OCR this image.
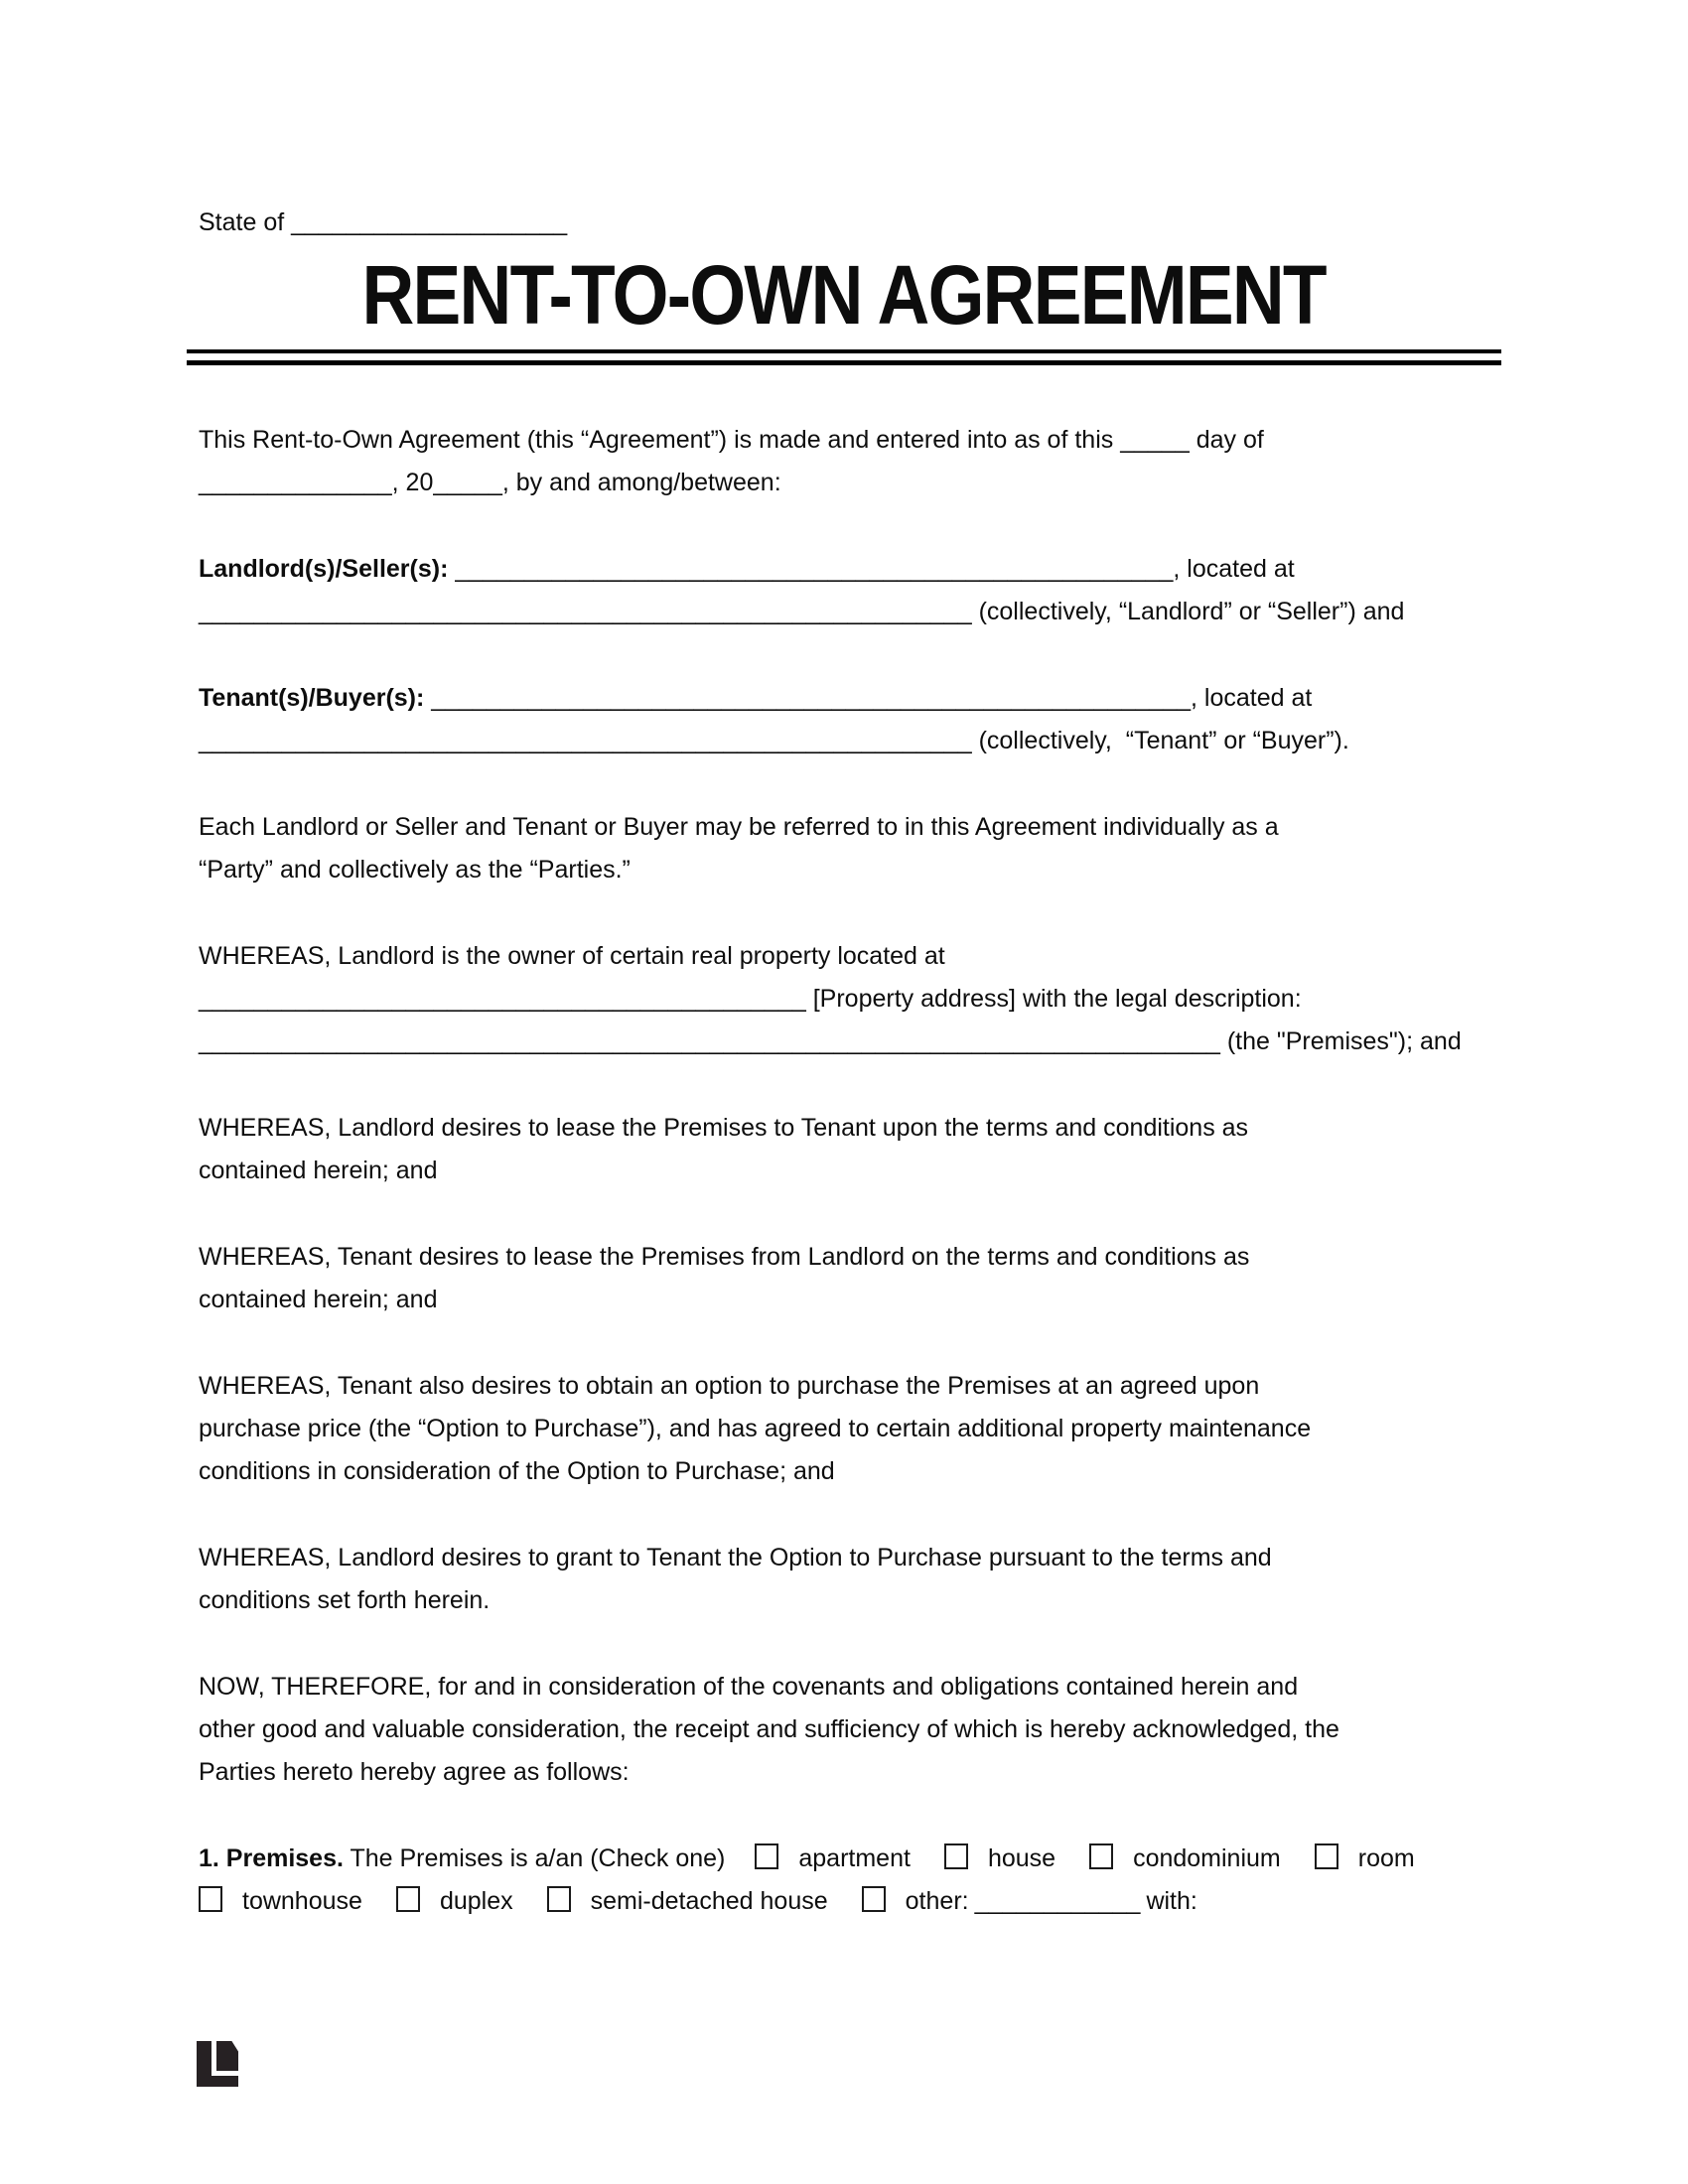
State of ____________________
RENT-TO-OWN AGREEMENT

This Rent-to-Own Agreement (this “Agreement”) is made and entered into as of this _____ day of
______________, 20_____, by and among/between:

Landlord(s)/Seller(s): ____________________________________________________, located at
________________________________________________________ (collectively, “Landlord” or “Seller”) and

Tenant(s)/Buyer(s): _______________________________________________________, located at
________________________________________________________ (collectively,  “Tenant” or “Buyer”).

Each Landlord or Seller and Tenant or Buyer may be referred to in this Agreement individually as a
“Party” and collectively as the “Parties.”

WHEREAS, Landlord is the owner of certain real property located at
____________________________________________ [Property address] with the legal description:
__________________________________________________________________________ (the "Premises"); and

WHEREAS, Landlord desires to lease the Premises to Tenant upon the terms and conditions as
contained herein; and

WHEREAS, Tenant desires to lease the Premises from Landlord on the terms and conditions as
contained herein; and

WHEREAS, Tenant also desires to obtain an option to purchase the Premises at an agreed upon
purchase price (the “Option to Purchase”), and has agreed to certain additional property maintenance
conditions in consideration of the Option to Purchase; and

WHEREAS, Landlord desires to grant to Tenant the Option to Purchase pursuant to the terms and
conditions set forth herein.

NOW, THEREFORE, for and in consideration of the covenants and obligations contained herein and
other good and valuable consideration, the receipt and sufficiency of which is hereby acknowledged, the
Parties hereto hereby agree as follows:

1. Premises. The Premises is a/an (Check one)	apartment	house	condominium	room
townhouse	duplex	semi-detached house	other: ____________ with:
